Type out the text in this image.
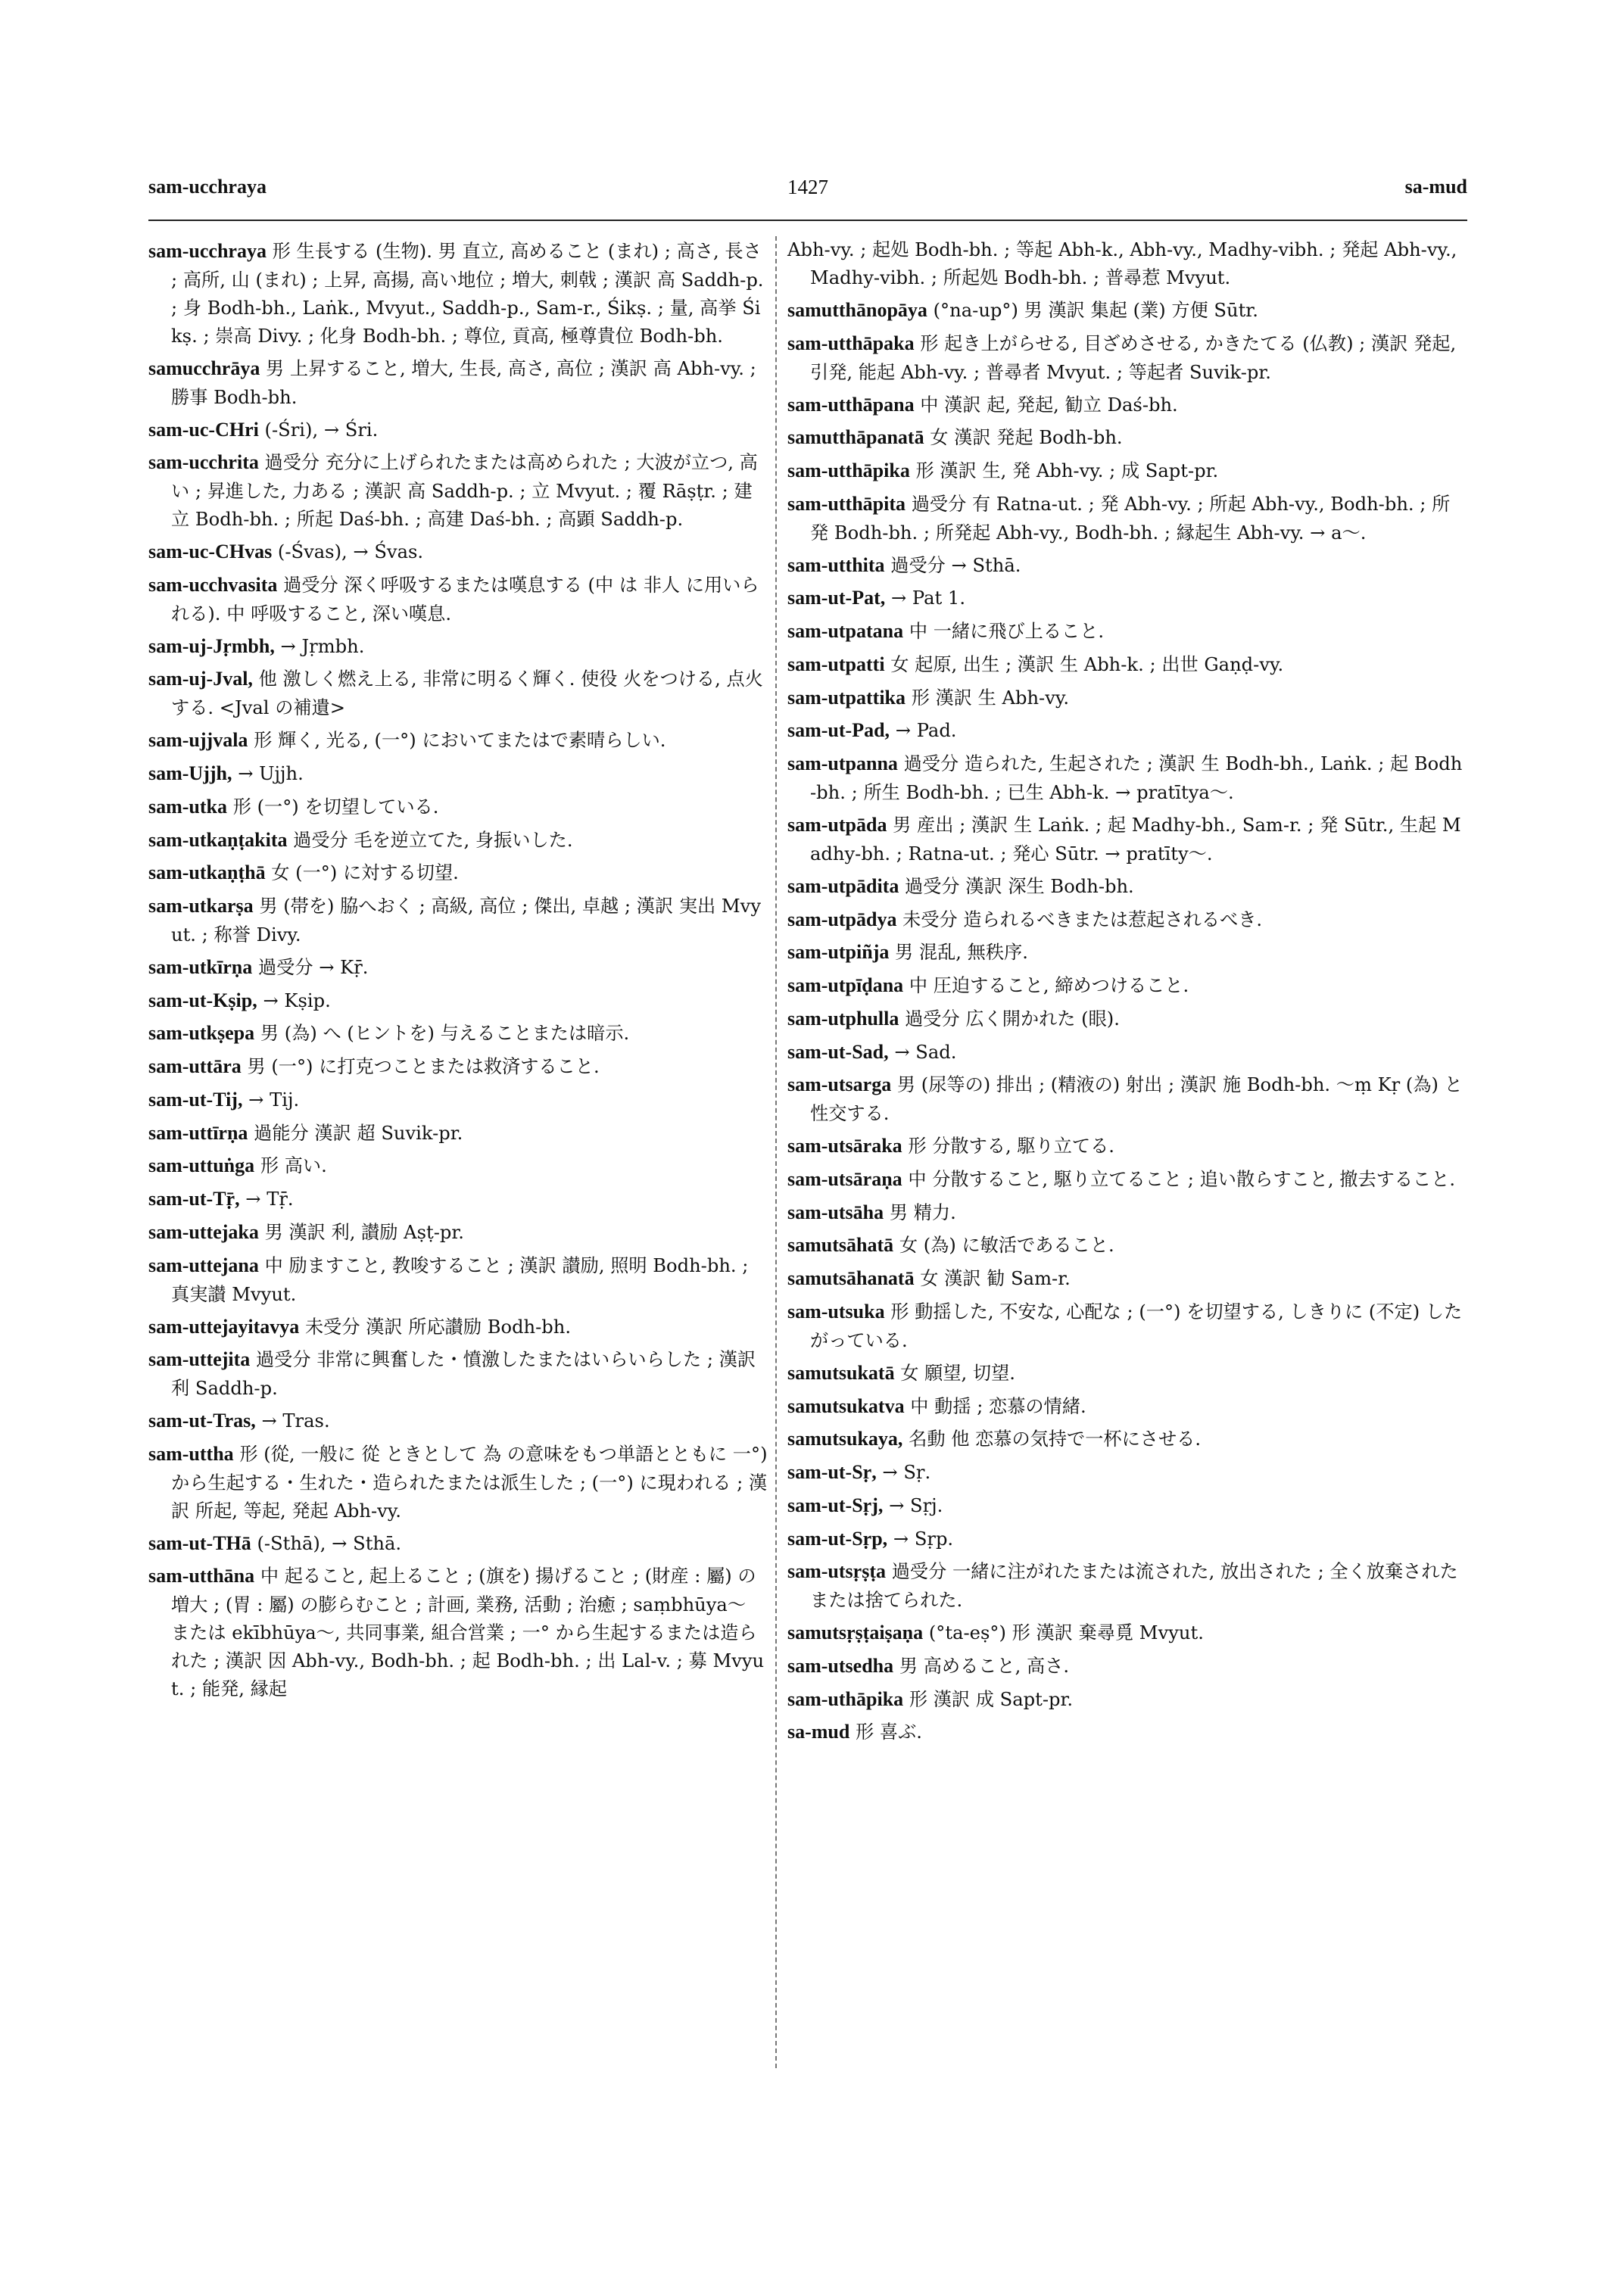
sam-ucchraya	1427	sa-mud

sam-ucchraya 形 生長する (生物). 男 直立, 高めること (まれ) ; 高さ, 長さ ; 高所, 山 (まれ) ; 上昇, 高揚, 高い地位 ; 増大, 刺戟 ; 漢訳 高 Saddh-p. ; 身 Bodh-bh., Laṅk., Mvyut., Saddh-p., Sam-r., Śikṣ. ; 量, 高挙 Śikṣ. ; 崇高 Divy. ; 化身 Bodh-bh. ; 尊位, 貢高, 極尊貴位 Bodh-bh.

samucchrāya 男 上昇すること, 増大, 生長, 高さ, 高位 ; 漢訳 高 Abh-vy. ; 勝事 Bodh-bh.

sam-uc-CHri (-Śri), → Śri.

sam-ucchrita 過受分 充分に上げられたまたは高められた ; 大波が立つ, 高い ; 昇進した, 力ある ; 漢訳 高 Saddh-p. ; 立 Mvyut. ; 覆 Rāṣṭr. ; 建立 Bodh-bh. ; 所起 Daś-bh. ; 高建 Daś-bh. ; 高顕 Saddh-p.

sam-uc-CHvas (-Śvas), → Śvas.

sam-ucchvasita 過受分 深く呼吸するまたは嘆息する (中 は 非人 に用いられる). 中 呼吸すること, 深い嘆息.

sam-uj-Jṛmbh, → Jṛmbh.

sam-uj-Jval, 他 激しく燃え上る, 非常に明るく輝く. 使役 火をつける, 点火する. <Jval の補遺>

sam-ujjvala 形 輝く, 光る, (一°) においてまたはで素晴らしい.

sam-Ujjh, → Ujjh.

sam-utka 形 (一°) を切望している.

sam-utkaṇṭakita 過受分 毛を逆立てた, 身振いした.

sam-utkaṇṭhā 女 (一°) に対する切望.

sam-utkarṣa 男 (帯を) 脇へおく ; 高級, 高位 ; 傑出, 卓越 ; 漢訳 実出 Mvyut. ; 称誉 Divy.

sam-utkīrṇa 過受分 → Kṝ.

sam-ut-Kṣip, → Kṣip.

sam-utkṣepa 男 (為) へ (ヒントを) 与えることまたは暗示.

sam-uttāra 男 (一°) に打克つことまたは救済すること.

sam-ut-Tij, → Tij.

sam-uttīrṇa 過能分 漢訳 超 Suvik-pr.

sam-uttuṅga 形 高い.

sam-ut-Tṝ, → Tṝ.

sam-uttejaka 男 漢訳 利, 讃励 Aṣṭ-pr.

sam-uttejana 中 励ますこと, 教唆すること ; 漢訳 讃励, 照明 Bodh-bh. ; 真実讃 Mvyut.

sam-uttejayitavya 未受分 漢訳 所応讃励 Bodh-bh.

sam-uttejita 過受分 非常に興奮した・憤激したまたはいらいらした ; 漢訳 利 Saddh-p.

sam-ut-Tras, → Tras.

sam-uttha 形 (從, 一般に 從 ときとして 為 の意味をもつ単語とともに 一°) から生起する・生れた・造られたまたは派生した ; (一°) に現われる ; 漢訳 所起, 等起, 発起 Abh-vy.

sam-ut-THā (-Sthā), → Sthā.

sam-utthāna 中 起ること, 起上ること ; (旗を) 揚げること ; (財産 : 屬) の増大 ; (胃 : 屬) の膨らむこと ; 計画, 業務, 活動 ; 治癒 ; saṃbhūya～ または ekībhūya～, 共同事業, 組合営業 ; 一° から生起するまたは造られた ; 漢訳 因 Abh-vy., Bodh-bh. ; 起 Bodh-bh. ; 出 Lal-v. ; 募 Mvyut. ; 能発, 縁起

Abh-vy. ; 起処 Bodh-bh. ; 等起 Abh-k., Abh-vy., Madhy-vibh. ; 発起 Abh-vy., Madhy-vibh. ; 所起処 Bodh-bh. ; 普尋惹 Mvyut.

samutthānopāya (°na-up°) 男 漢訳 集起 (業) 方便 Sūtr.

sam-utthāpaka 形 起き上がらせる, 目ざめさせる, かきたてる (仏教) ; 漢訳 発起, 引発, 能起 Abh-vy. ; 普尋者 Mvyut. ; 等起者 Suvik-pr.

sam-utthāpana 中 漢訳 起, 発起, 勧立 Daś-bh.

samutthāpanatā 女 漢訳 発起 Bodh-bh.

sam-utthāpika 形 漢訳 生, 発 Abh-vy. ; 成 Sapt-pr.

sam-utthāpita 過受分 有 Ratna-ut. ; 発 Abh-vy. ; 所起 Abh-vy., Bodh-bh. ; 所発 Bodh-bh. ; 所発起 Abh-vy., Bodh-bh. ; 縁起生 Abh-vy. → a～.

sam-utthita 過受分 → Sthā.

sam-ut-Pat, → Pat 1.

sam-utpatana 中 一緒に飛び上ること.

sam-utpatti 女 起原, 出生 ; 漢訳 生 Abh-k. ; 出世 Gaṇḍ-vy.

sam-utpattika 形 漢訳 生 Abh-vy.

sam-ut-Pad, → Pad.

sam-utpanna 過受分 造られた, 生起された ; 漢訳 生 Bodh-bh., Laṅk. ; 起 Bodh-bh. ; 所生 Bodh-bh. ; 已生 Abh-k. → pratītya～.

sam-utpāda 男 産出 ; 漢訳 生 Laṅk. ; 起 Madhy-bh., Sam-r. ; 発 Sūtr., 生起 Madhy-bh. ; Ratna-ut. ; 発心 Sūtr. → pratīty～.

sam-utpādita 過受分 漢訳 深生 Bodh-bh.

sam-utpādya 未受分 造られるべきまたは惹起されるべき.

sam-utpiñja 男 混乱, 無秩序.

sam-utpīḍana 中 圧迫すること, 締めつけること.

sam-utphulla 過受分 広く開かれた (眼).

sam-ut-Sad, → Sad.

sam-utsarga 男 (尿等の) 排出 ; (精液の) 射出 ; 漢訳 施 Bodh-bh. ～ṃ Kṛ (為) と性交する.

sam-utsāraka 形 分散する, 駆り立てる.

sam-utsāraṇa 中 分散すること, 駆り立てること ; 追い散らすこと, 撤去すること.

sam-utsāha 男 精力.

samutsāhatā 女 (為) に敏活であること.

samutsāhanatā 女 漢訳 勧 Sam-r.

sam-utsuka 形 動揺した, 不安な, 心配な ; (一°) を切望する, しきりに (不定) したがっている.

samutsukatā 女 願望, 切望.

samutsukatva 中 動揺 ; 恋慕の情緒.

samutsukaya, 名動 他 恋慕の気持で一杯にさせる.

sam-ut-Sṛ, → Sṛ.

sam-ut-Sṛj, → Sṛj.

sam-ut-Sṛp, → Sṛp.

sam-utsṛṣṭa 過受分 一緒に注がれたまたは流された, 放出された ; 全く放棄されたまたは捨てられた.

samutsṛṣṭaiṣaṇa (°ta-eṣ°) 形 漢訳 棄尋覓 Mvyut.

sam-utsedha 男 高めること, 高さ.

sam-uthāpika 形 漢訳 成 Sapt-pr.

sa-mud 形 喜ぶ.
